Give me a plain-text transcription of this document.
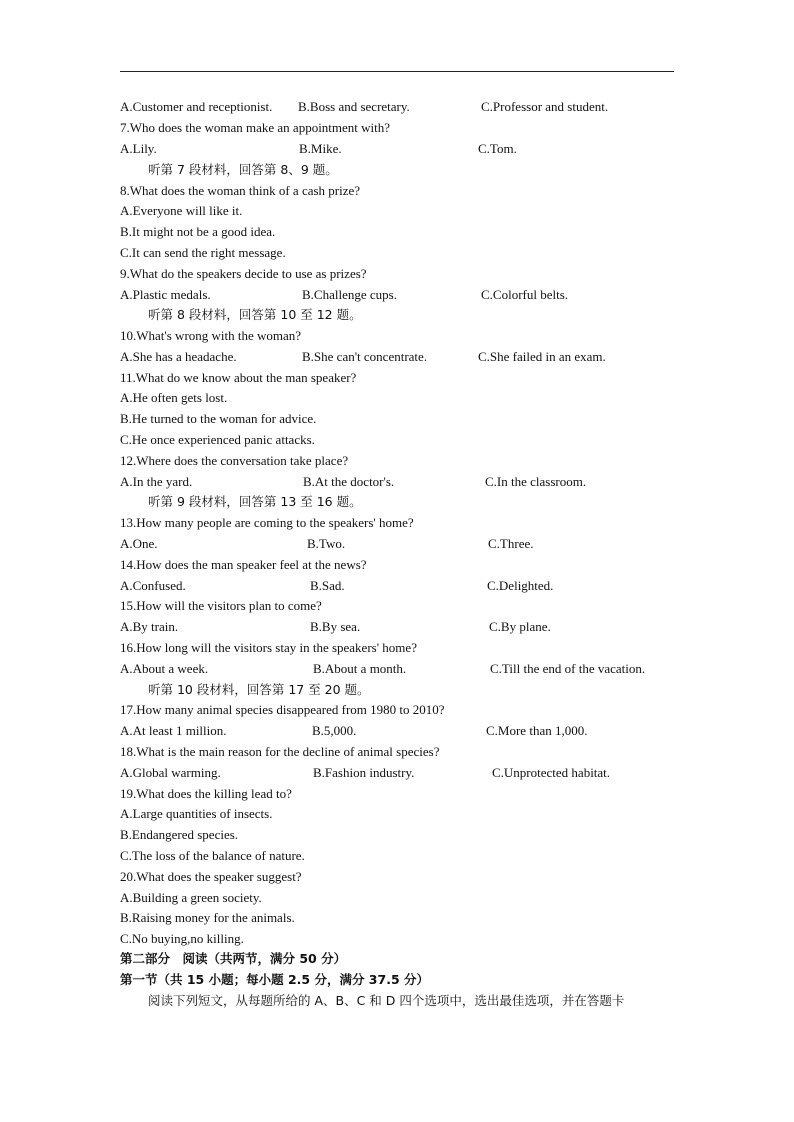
A.Customer and receptionist. B.Boss and secretary.	C.Professor and student.
7.Who does the woman make an appointment with?
A.Lily.	B.Mike.	C.Tom.
听第 7 段材料，回答第 8、9 题。
8.What does the woman think of a cash prize?
A.Everyone will like it.
B.It might not be a good idea.
C.It can send the right message.
9.What do the speakers decide to use as prizes?
A.Plastic medals.	B.Challenge cups.	C.Colorful belts.
听第 8 段材料，回答第 10 至 12 题。
10.What's wrong with the woman?
A.She has a headache.	B.She can't concentrate.	C.She failed in an exam.
11.What do we know about the man speaker?
A.He often gets lost.
B.He turned to the woman for advice.
C.He once experienced panic attacks.
12.Where does the conversation take place?
A.In the yard.	B.At the doctor's.	C.In the classroom.
听第 9 段材料，回答第 13 至 16 题。
13.How many people are coming to the speakers' home?
A.One.	B.Two.	C.Three.
14.How does the man speaker feel at the news?
A.Confused.	B.Sad.	C.Delighted.
15.How will the visitors plan to come?
A.By train.	B.By sea.	C.By plane.
16.How long will the visitors stay in the speakers' home?
A.About a week.	B.About a month.	C.Till the end of the vacation.
听第 10 段材料，回答第 17 至 20 题。
17.How many animal species disappeared from 1980 to 2010?
A.At least 1 million.	B.5,000.	C.More than 1,000.
18.What is the main reason for the decline of animal species?
A.Global warming.	B.Fashion industry.	C.Unprotected habitat.
19.What does the killing lead to?
A.Large quantities of insects.
B.Endangered species.
C.The loss of the balance of nature.
20.What does the speaker suggest?
A.Building a green society.
B.Raising money for the animals.
C.No buying,no killing.
第二部分　阅读（共两节，满分 50 分）
第一节（共 15 小题；每小题 2.5 分，满分 37.5 分）
阅读下列短文，从每题所给的 A、B、C 和 D 四个选项中，选出最佳选项，并在答题卡
